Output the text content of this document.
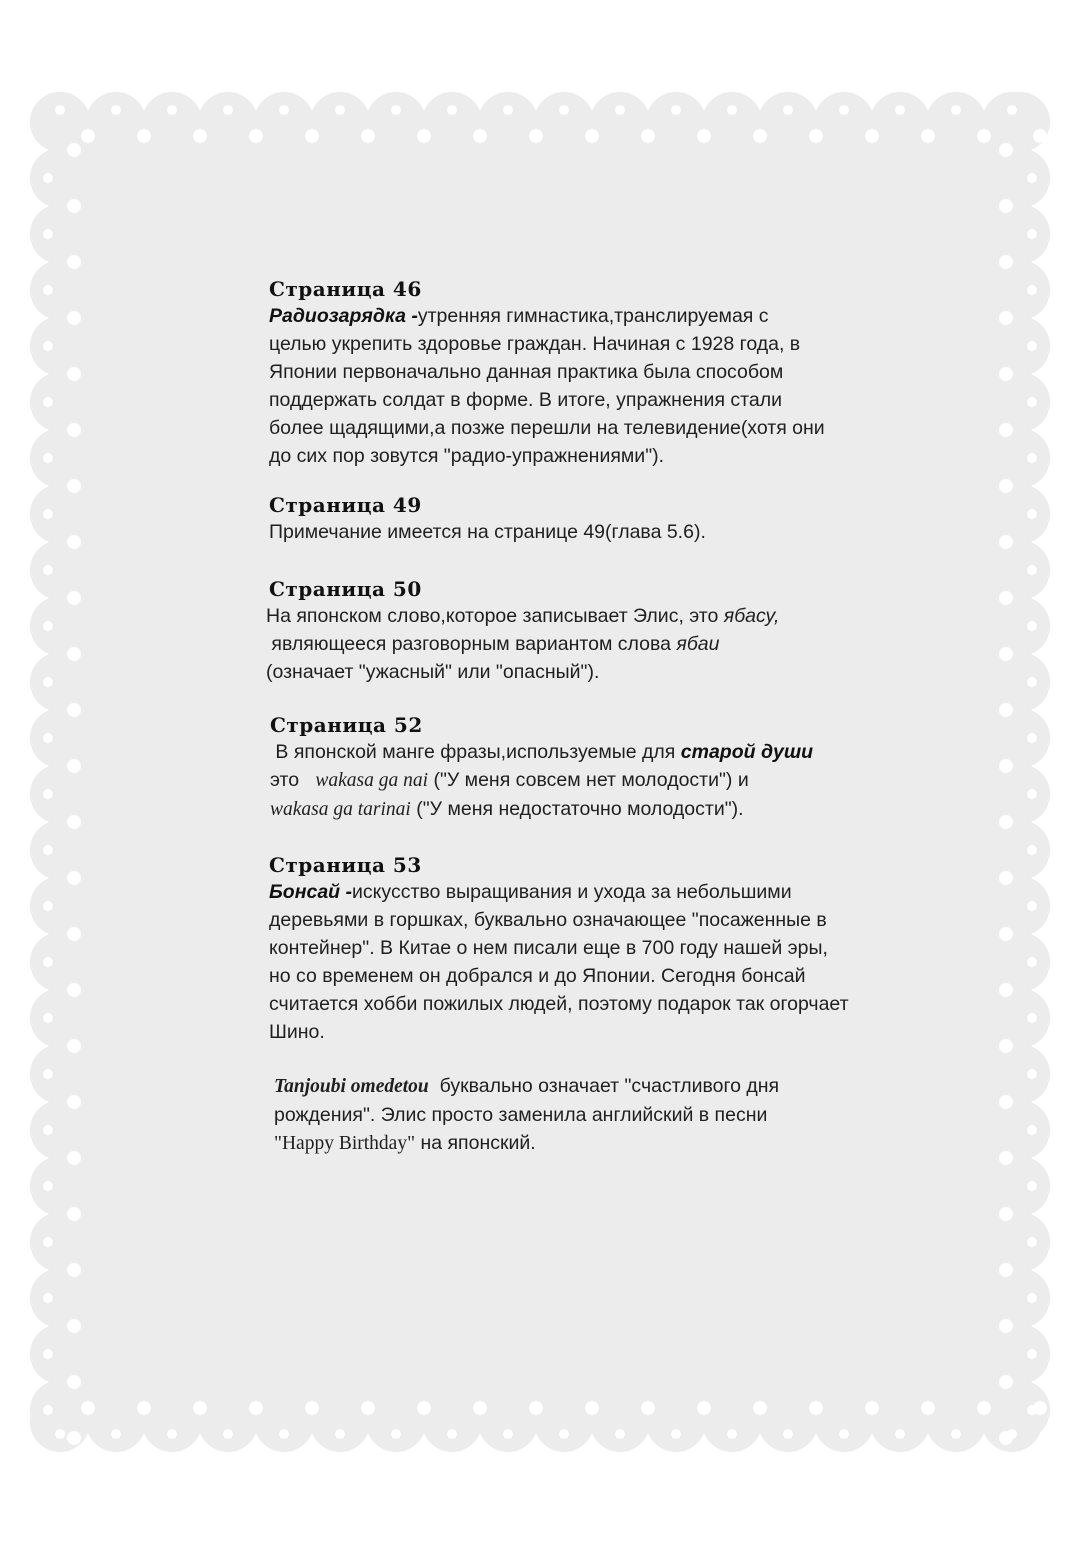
Страница 46

Радиозарядка -утренняя гимнастика,транслируемая с целью укрепить здоровье граждан. Начиная с 1928 года, в Японии первоначально данная практика была способом поддержать солдат в форме. В итоге, упражнения стали более щадящими,а позже перешли на телевидение(хотя они до сих пор зовутся "радио-упражнениями").

Страница 49

Примечание имеется на странице 49(глава 5.6).

Страница 50

На японском слово,которое записывает Элис, это ябасу,
являющееся разговорным вариантом слова ябаи
(означает "ужасный" или "опасный").

Страница 52

В японской манге фразы,используемые для старой души
это wakasa ga nai ("У меня совсем нет молодости") и
wakasa ga tarinai ("У меня недостаточно молодости").

Страница 53

Бонсай -искусство выращивания и ухода за небольшими деревьями в горшках, буквально означающее "посаженные в контейнер". В Китае о нем писали еще в 700 году нашей эры, но со временем он добрался и до Японии. Сегодня бонсай считается хобби пожилых людей, поэтому подарок так огорчает Шино.

Tanjoubi omedetou буквально означает "счастливого дня рождения". Элис просто заменила английский в песни "Happy Birthday" на японский.
